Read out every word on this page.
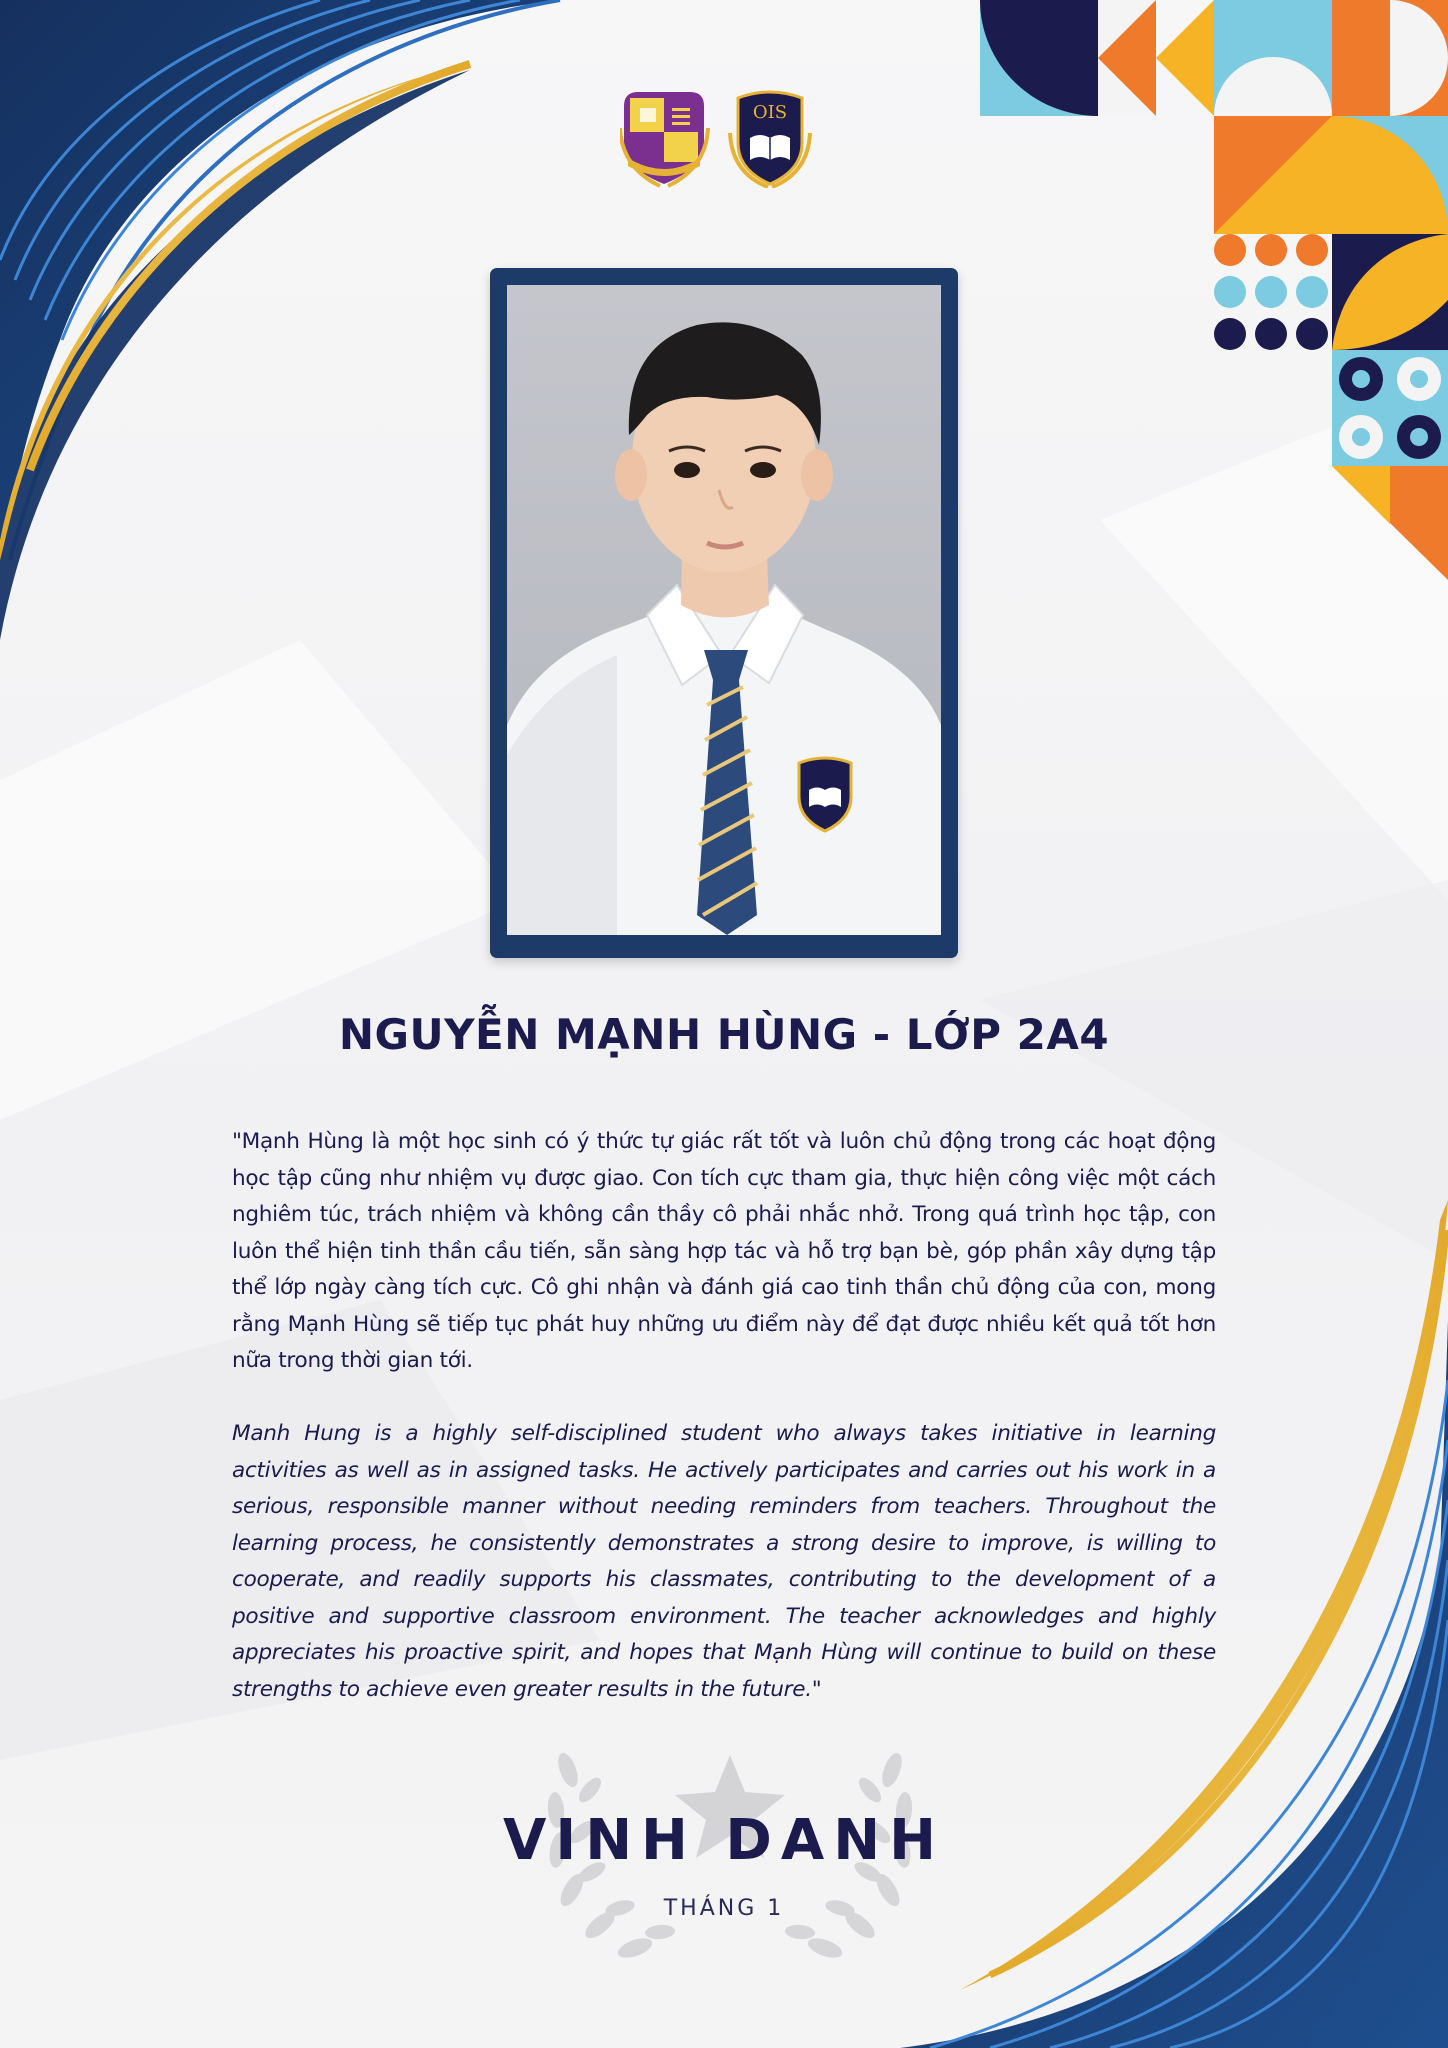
OIS
NGUYỄN MẠNH HÙNG - LỚP 2A4

"Mạnh Hùng là một học sinh có ý thức tự giác rất tốt và luôn chủ động trong các hoạt động học tập cũng như nhiệm vụ được giao. Con tích cực tham gia, thực hiện công việc một cách nghiêm túc, trách nhiệm và không cần thầy cô phải nhắc nhở. Trong quá trình học tập, con luôn thể hiện tinh thần cầu tiến, sẵn sàng hợp tác và hỗ trợ bạn bè, góp phần xây dựng tập thể lớp ngày càng tích cực. Cô ghi nhận và đánh giá cao tinh thần chủ động của con, mong rằng Mạnh Hùng sẽ tiếp tục phát huy những ưu điểm này để đạt được nhiều kết quả tốt hơn nữa trong thời gian tới.

Manh Hung is a highly self-disciplined student who always takes initiative in learning activities as well as in assigned tasks. He actively participates and carries out his work in a serious, responsible manner without needing reminders from teachers. Throughout the learning process, he consistently demonstrates a strong desire to improve, is willing to cooperate, and readily supports his classmates, contributing to the development of a positive and supportive classroom environment. The teacher acknowledges and highly appreciates his proactive spirit, and hopes that Mạnh Hùng will continue to build on these strengths to achieve even greater results in the future."

VINH DANH
THÁNG 1
